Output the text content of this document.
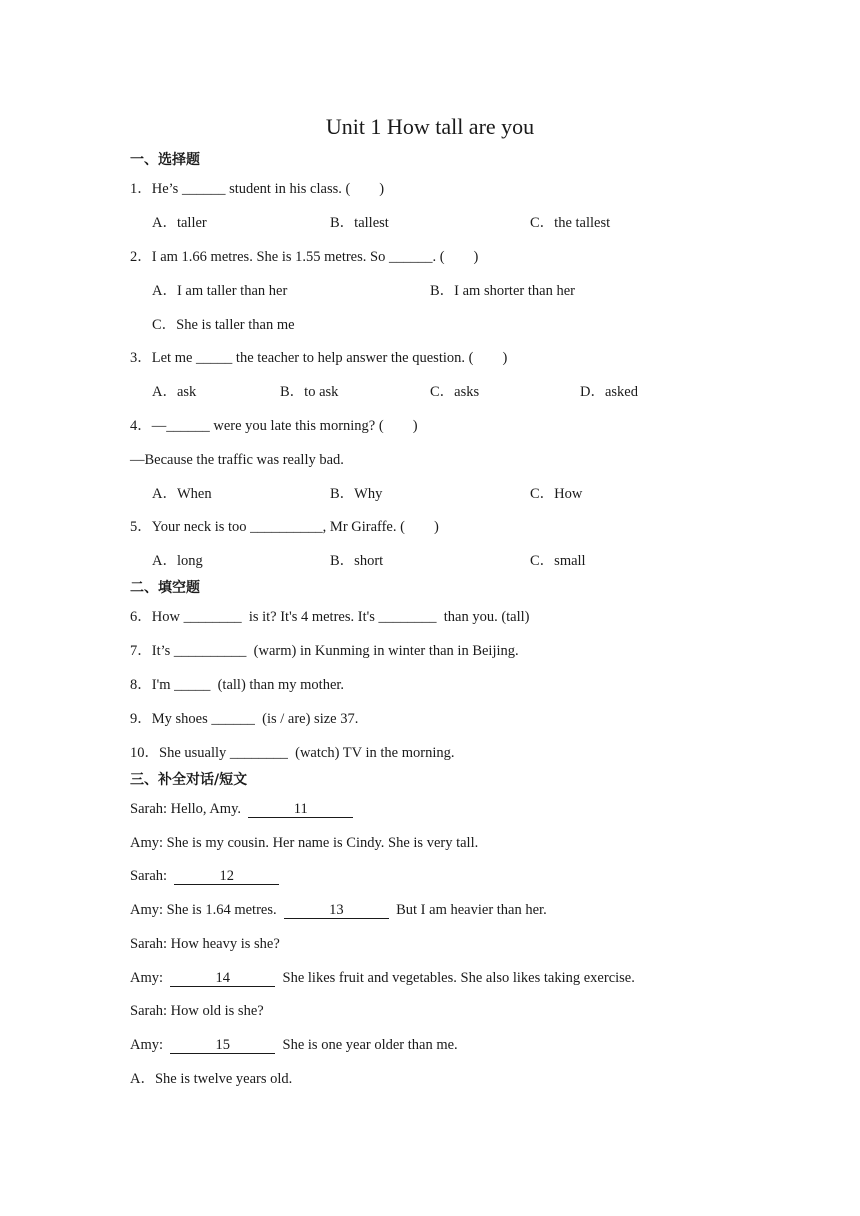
Unit 1 How tall are you
一、选择题
1．He’s ______ student in his class. (　　)
A．taller	B．tallest	C．the tallest
2．I am 1.66 metres. She is 1.55 metres. So ______. (　　)
A．I am taller than her	B．I am shorter than her
C．She is taller than me
3．Let me _____ the teacher to help answer the question. (　　)
A．ask	B．to ask	C．asks	D．asked
4．—______ were you late this morning? (　　)
—Because the traffic was really bad.
A．When	B．Why	C．How
5．Your neck is too __________, Mr Giraffe. (　　)
A．long	B．short	C．small
二、填空题
6．How ________  is it? It's 4 metres. It's ________  than you. (tall)
7．It’s __________  (warm) in Kunming in winter than in Beijing.
8．I'm _____  (tall) than my mother.
9．My shoes ______  (is / are) size 37.
10．She usually ________  (watch) TV in the morning.
三、补全对话/短文
Sarah: Hello, Amy.	11
Amy: She is my cousin. Her name is Cindy. She is very tall.
Sarah:	12
Amy: She is 1.64 metres.	13	But I am heavier than her.
Sarah: How heavy is she?
Amy:	14	She likes fruit and vegetables. She also likes taking exercise.
Sarah: How old is she?
Amy:	15	She is one year older than me.
A．She is twelve years old.
